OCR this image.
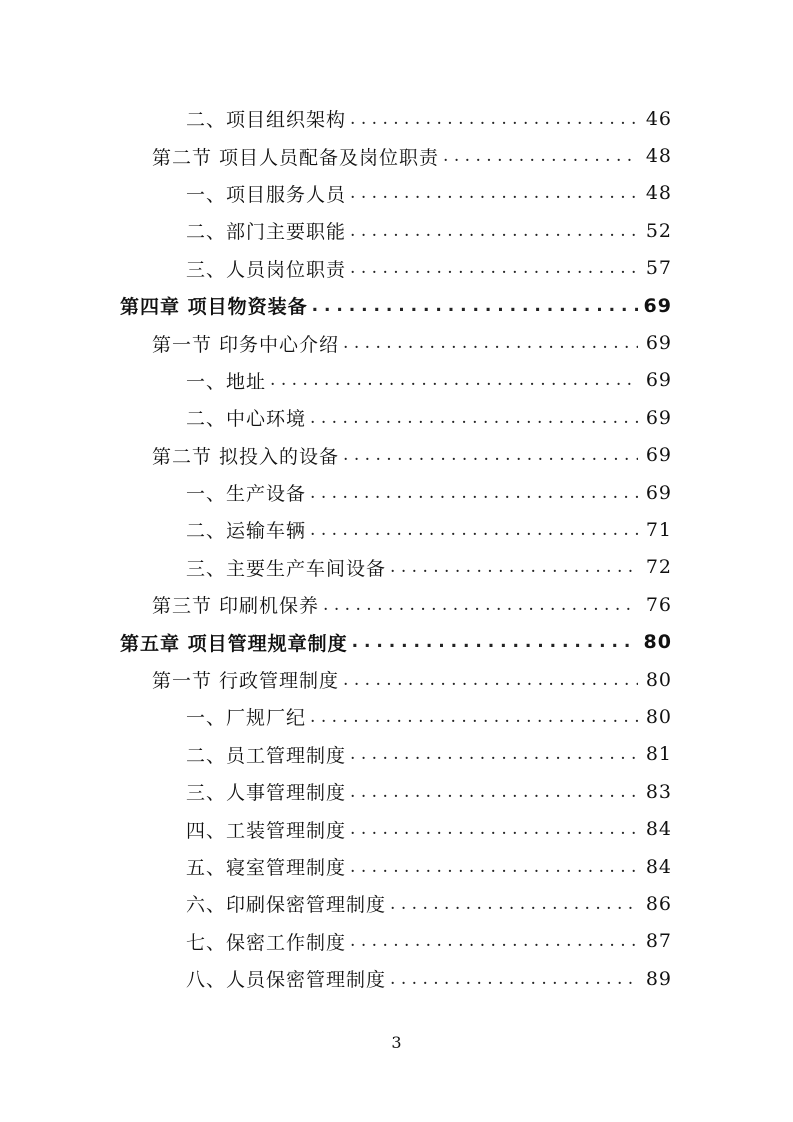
二、项目组织架构 . . .	46
第二节 项目人员配备及岗位职责 . . .	48
一、项目服务人员 . . .	48
二、部门主要职能 . . .	52
三、人员岗位职责 . . .	57
第四章 项目物资装备 . . .	69
第一节 印务中心介绍 . . .	69
一、地址 . . .	69
二、中心环境 . . .	69
第二节 拟投入的设备 . . .	69
一、生产设备 . . .	69
二、运输车辆 . . .	71
三、主要生产车间设备 . . .	72
第三节 印刷机保养 . . .	76
第五章 项目管理规章制度 . . .	80
第一节 行政管理制度 . . .	80
一、厂规厂纪 . . .	80
二、员工管理制度 . . .	81
三、人事管理制度 . . .	83
四、工装管理制度 . . .	84
五、寝室管理制度 . . .	84
六、印刷保密管理制度 . . .	86
七、保密工作制度 . . .	87
八、人员保密管理制度 . . .	89
3
